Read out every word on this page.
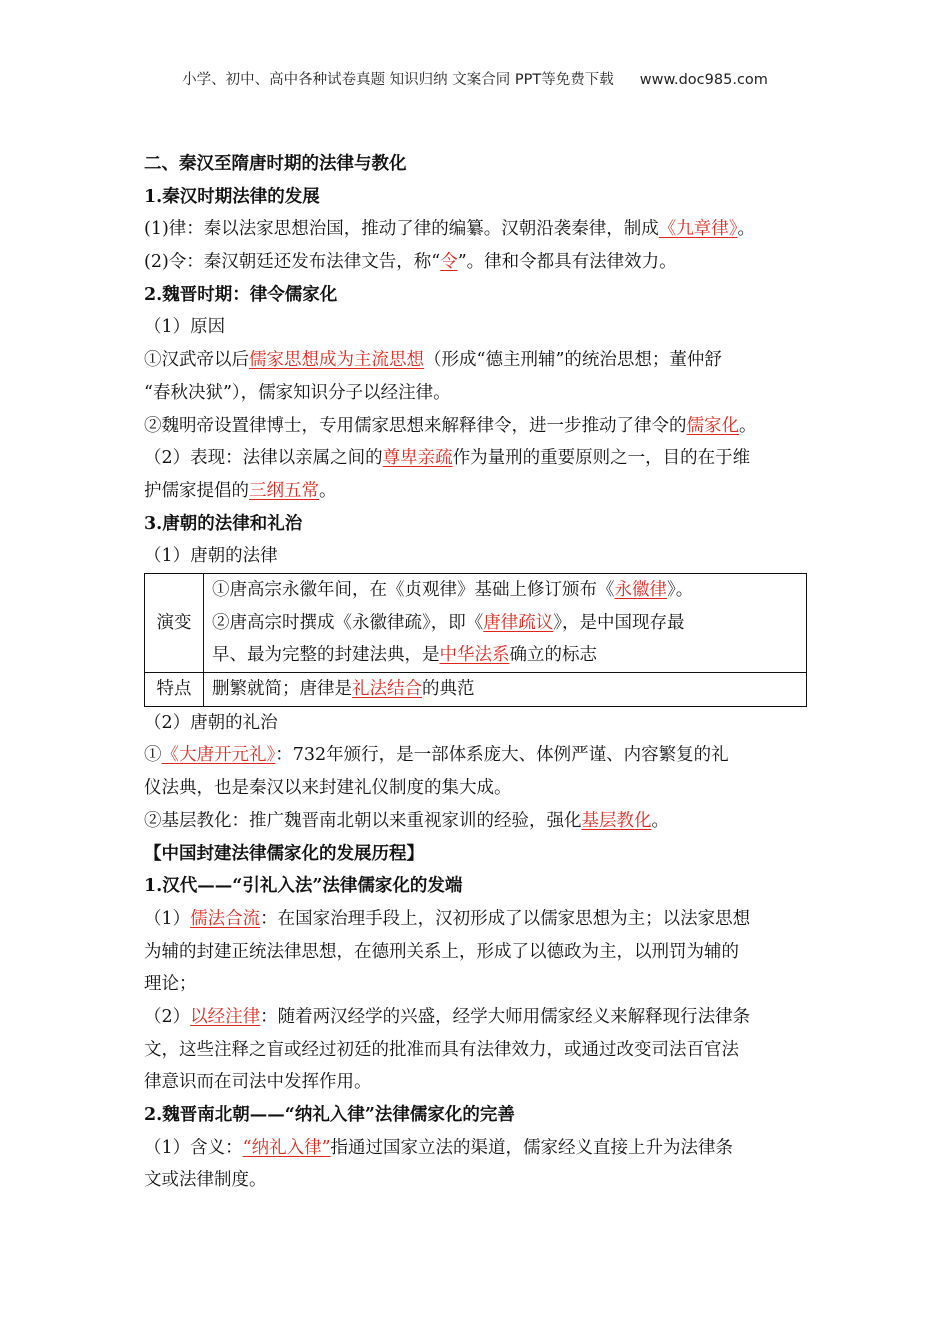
小学、初中、高中各种试卷真题 知识归纳 文案合同 PPT等免费下载 www.doc985.com
二、秦汉至隋唐时期的法律与教化
1.秦汉时期法律的发展
(1)律：秦以法家思想治国，推动了律的编纂。汉朝沿袭秦律，制成《九章律》。
(2)令：秦汉朝廷还发布法律文告，称“令”。律和令都具有法律效力。
2.魏晋时期：律令儒家化
（1）原因
①汉武帝以后儒家思想成为主流思想（形成“德主刑辅”的统治思想；董仲舒
“春秋决狱”），儒家知识分子以经注律。
②魏明帝设置律博士，专用儒家思想来解释律令，进一步推动了律令的儒家化。
（2）表现：法律以亲属之间的尊卑亲疏作为量刑的重要原则之一，目的在于维
护儒家提倡的三纲五常。
3.唐朝的法律和礼治
（1）唐朝的法律
演变	①唐高宗永徽年间，在《贞观律》基础上修订颁布《永徽律》。
②唐高宗时撰成《永徽律疏》，即《唐律疏议》，是中国现存最
早、最为完整的封建法典，是中华法系确立的标志

特点	删繁就简；唐律是礼法结合的典范
（2）唐朝的礼治
①《大唐开元礼》：732年颁行，是一部体系庞大、体例严谨、内容繁复的礼
仪法典，也是秦汉以来封建礼仪制度的集大成。
②基层教化：推广魏晋南北朝以来重视家训的经验，强化基层教化。
【中国封建法律儒家化的发展历程】
1.汉代——“引礼入法”法律儒家化的发端
（1）儒法合流：在国家治理手段上，汉初形成了以儒家思想为主；以法家思想
为辅的封建正统法律思想，在德刑关系上，形成了以德政为主，以刑罚为辅的
理论；
（2）以经注律：随着两汉经学的兴盛，经学大师用儒家经义来解释现行法律条
文，这些注释之盲或经过初廷的批准而具有法律效力，或通过改变司法百官法
律意识而在司法中发挥作用。
2.魏晋南北朝——“纳礼入律”法律儒家化的完善
（1）含义：“纳礼入律”指通过国家立法的渠道，儒家经义直接上升为法律条
文或法律制度。
